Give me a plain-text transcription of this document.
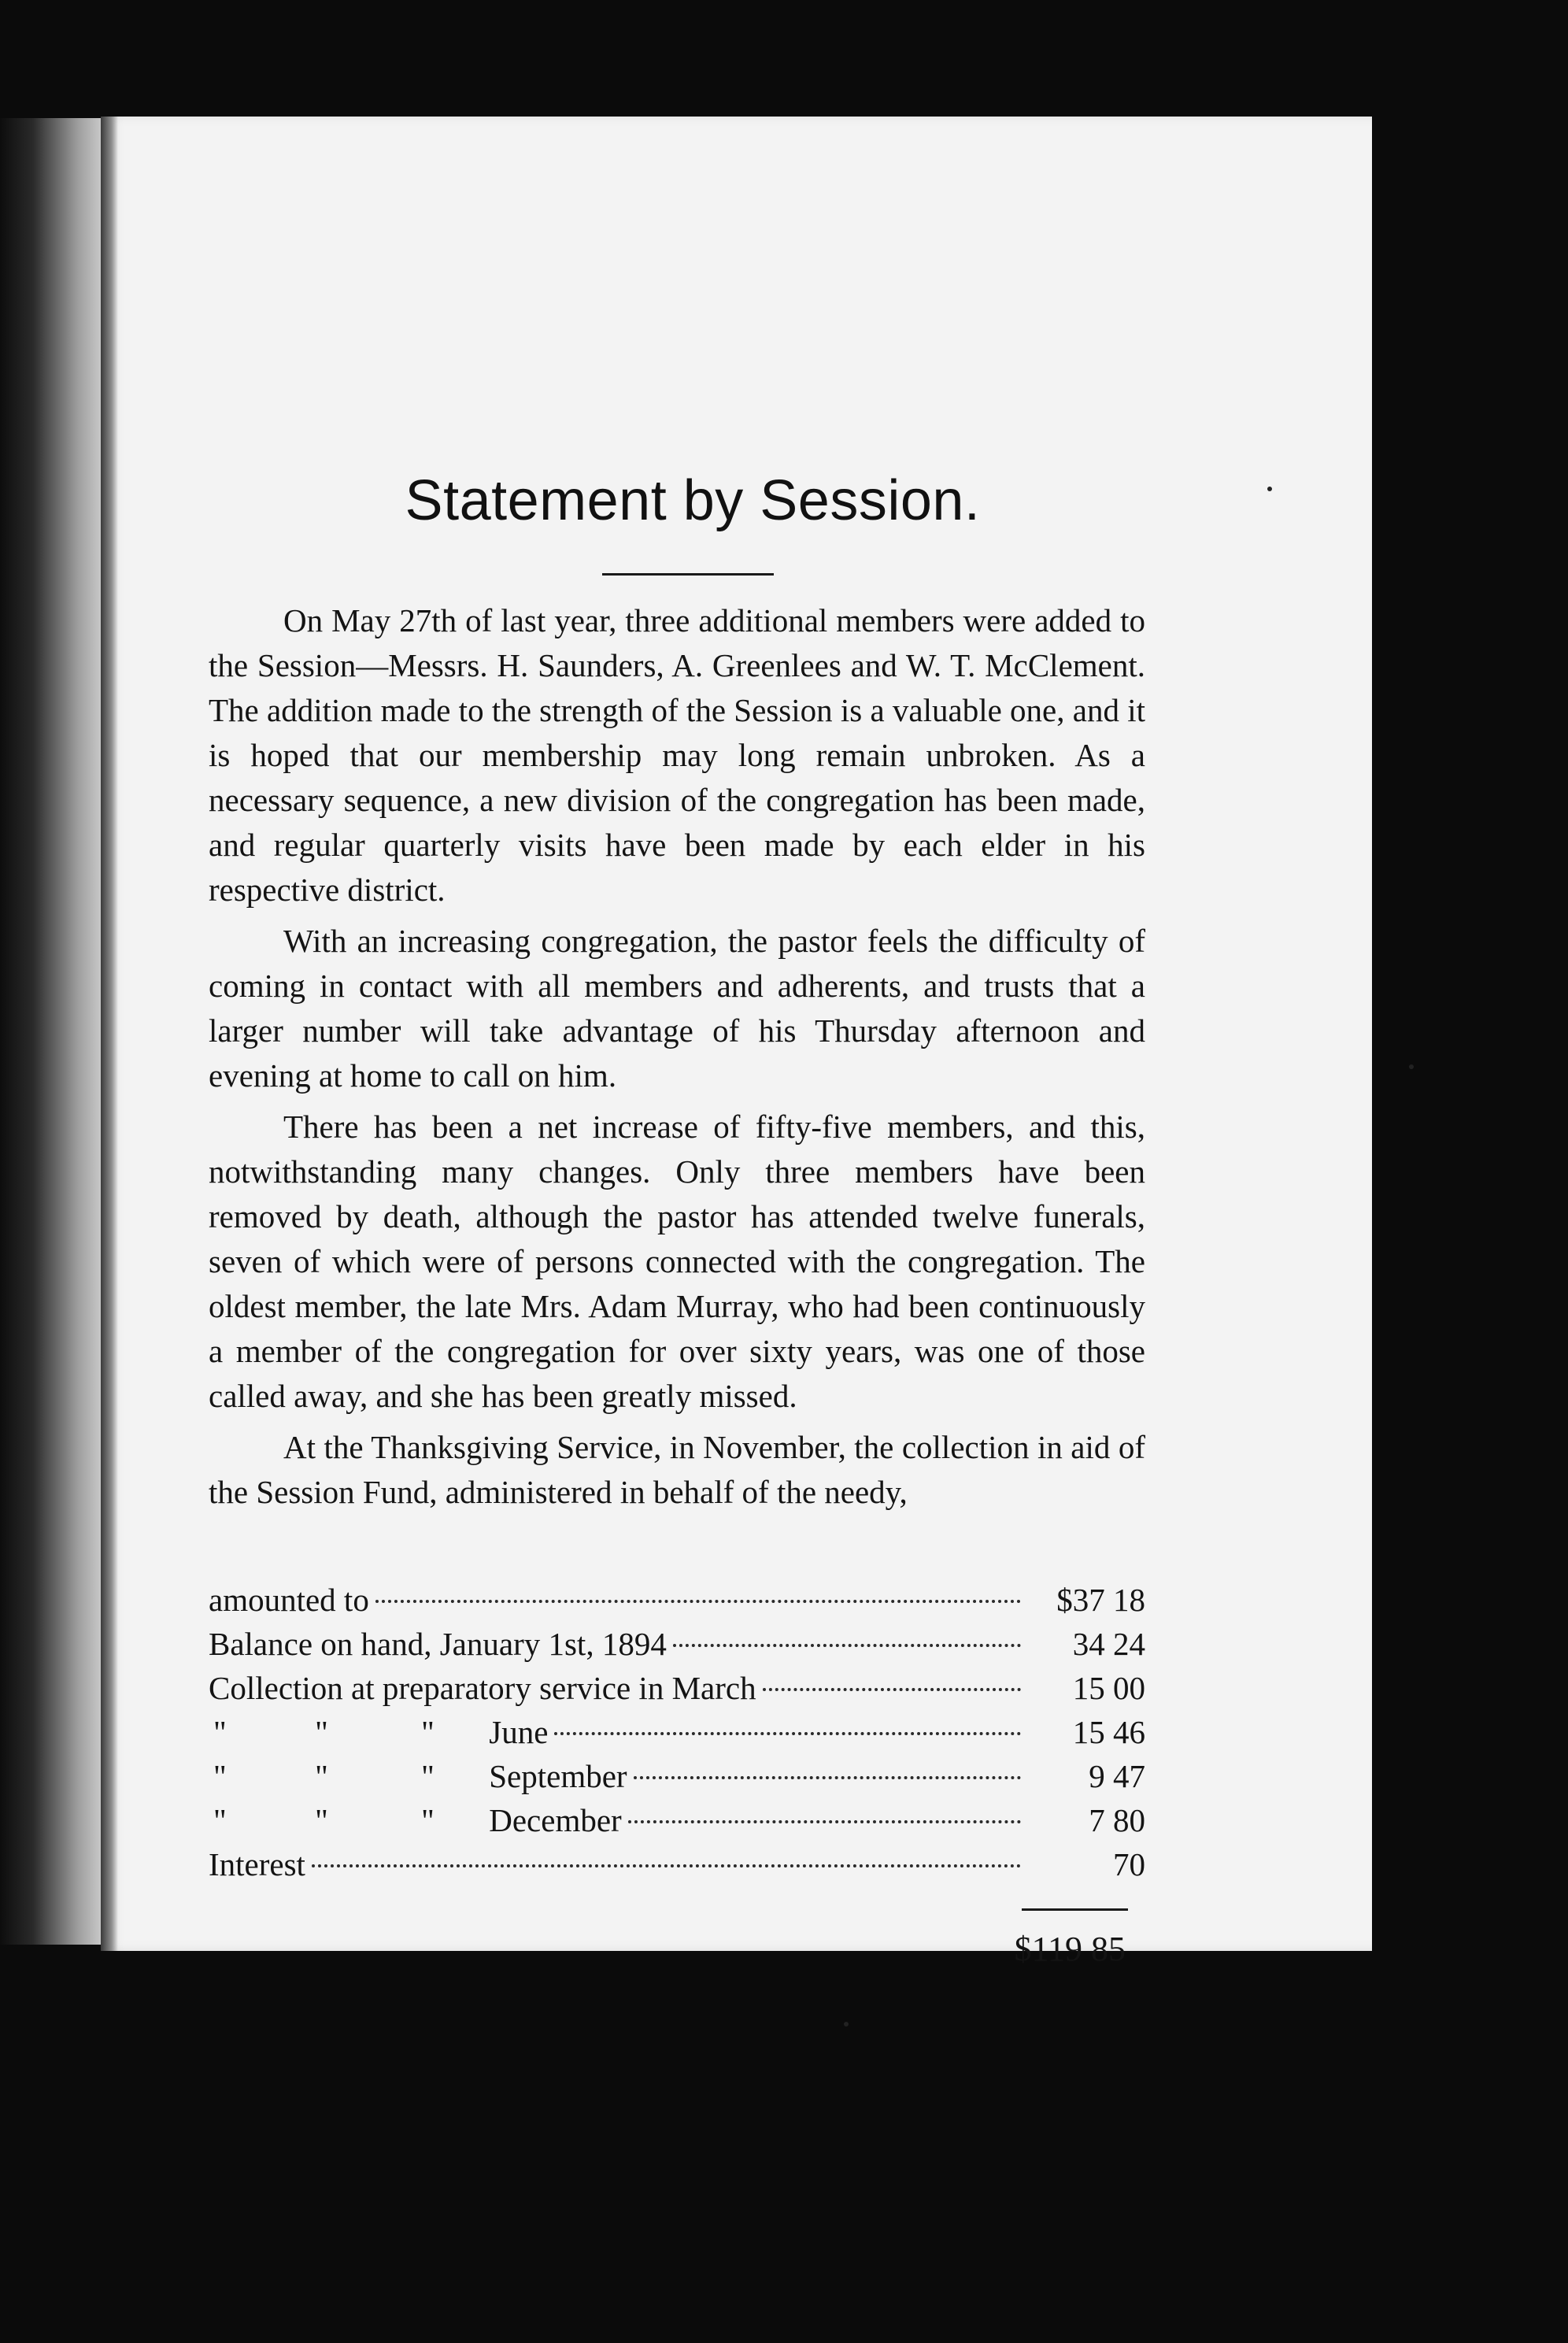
Statement by Session.

On May 27th of last year, three additional members were added to the Session—Messrs. H. Saunders, A. Greenlees and W. T. McClement. The addition made to the strength of the Session is a valuable one, and it is hoped that our membership may long remain unbroken. As a necessary sequence, a new division of the congregation has been made, and regular quarterly visits have been made by each elder in his respective district.

With an increasing congregation, the pastor feels the difficulty of coming in contact with all members and adherents, and trusts that a larger number will take advantage of his Thursday afternoon and evening at home to call on him.

There has been a net increase of fifty-five members, and this, notwithstanding many changes. Only three members have been removed by death, although the pastor has attended twelve funerals, seven of which were of persons connected with the congregation. The oldest member, the late Mrs. Adam Murray, who had been continuously a member of the congregation for over sixty years, was one of those called away, and she has been greatly missed.

At the Thanksgiving Service, in November, the collection in aid of the Session Fund, administered in behalf of the needy,

amounted to	$37 18
Balance on hand, January 1st, 1894	34 24
Collection at preparatory service in March	15 00
"	"	" June	15 46
"	"	" September	9 47
"	"	" December	7 80
Interest	70
$119 85
